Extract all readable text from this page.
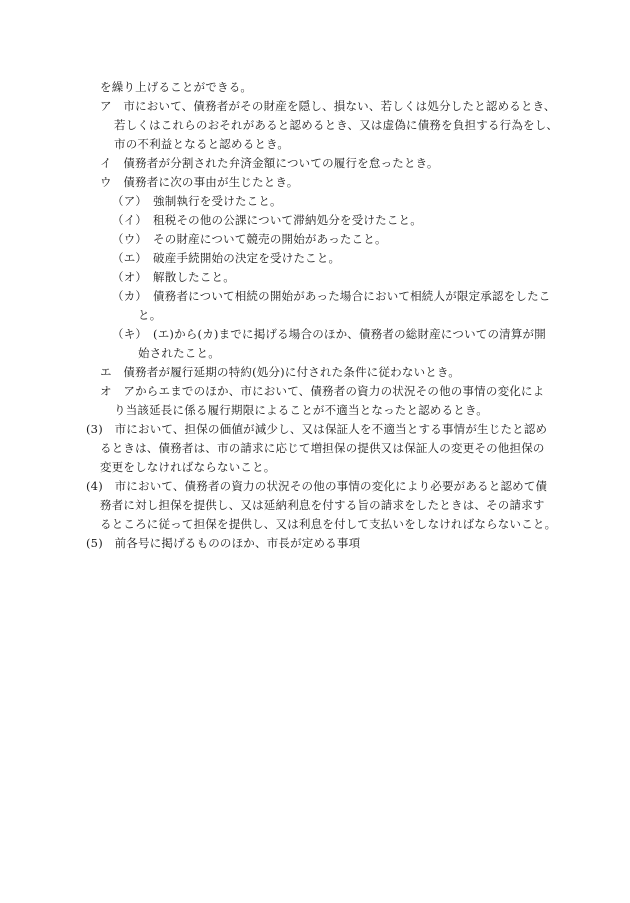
を繰り上げることができる。
ア　市において、債務者がその財産を隠し、損ない、若しくは処分したと認めるとき、
若しくはこれらのおそれがあると認めるとき、又は虚偽に債務を負担する行為をし、
市の不利益となると認めるとき。
イ　債務者が分割された弁済金額についての履行を怠ったとき。
ウ　債務者に次の事由が生じたとき。
（ア）　強制執行を受けたこと。
（イ）　租税その他の公課について滞納処分を受けたこと。
（ウ）　その財産について競売の開始があったこと。
（エ）　破産手続開始の決定を受けたこと。
（オ）　解散したこと。
（カ）　債務者について相続の開始があった場合において相続人が限定承認をしたこ
と。
（キ）　(エ)から(カ)までに掲げる場合のほか、債務者の総財産についての清算が開
始されたこと。
エ　債務者が履行延期の特約(処分)に付された条件に従わないとき。
オ　アからエまでのほか、市において、債務者の資力の状況その他の事情の変化によ
り当該延長に係る履行期限によることが不適当となったと認めるとき。
(3)　市において、担保の価値が減少し、又は保証人を不適当とする事情が生じたと認め
るときは、債務者は、市の請求に応じて増担保の提供又は保証人の変更その他担保の
変更をしなければならないこと。
(4)　市において、債務者の資力の状況その他の事情の変化により必要があると認めて債
務者に対し担保を提供し、又は延納利息を付する旨の請求をしたときは、その請求す
るところに従って担保を提供し、又は利息を付して支払いをしなければならないこと。
(5)　前各号に掲げるもののほか、市長が定める事項
